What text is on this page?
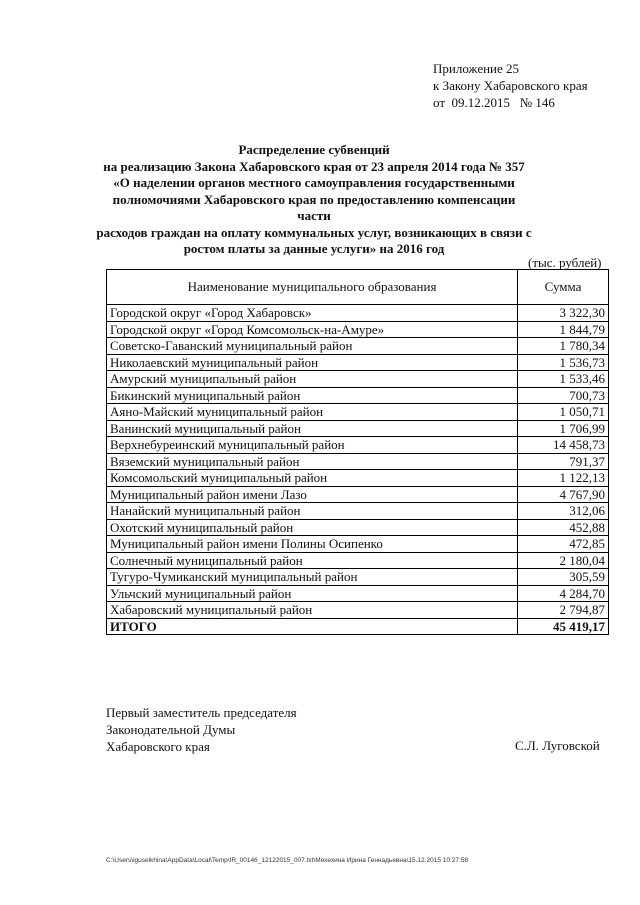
Приложение 25
к Закону Хабаровского края
от  09.12.2015   № 146
Распределение субвенций
на реализацию Закона Хабаровского края от 23 апреля 2014 года № 357
«О наделении органов местного самоуправления государственными
полномочиями Хабаровского края по предоставлению компенсации части
расходов граждан на оплату коммунальных услуг, возникающих в связи с
ростом платы за данные услуги» на 2016 год
(тыс. рублей)
Наименование муниципального образования	Сумма
Городской округ «Город Хабаровск»	3 322,30
Городской округ «Город Комсомольск-на-Амуре»	1 844,79
Советско-Гаванский муниципальный район	1 780,34
Николаевский муниципальный район	1 536,73
Амурский муниципальный район	1 533,46
Бикинский муниципальный район	700,73
Аяно-Майский муниципальный район	1 050,71
Ванинский муниципальный район	1 706,99
Верхнебуреинский муниципальный район	14 458,73
Вяземский муниципальный район	791,37
Комсомольский муниципальный район	1 122,13
Муниципальный район имени Лазо	4 767,90
Нанайский муниципальный район	312,06
Охотский муниципальный район	452,88
Муниципальный район имени Полины Осипенко	472,85
Солнечный муниципальный район	2 180,04
Тугуро-Чумиканский муниципальный район	305,59
Ульчский муниципальный район	4 284,70
Хабаровский муниципальный район	2 794,87
ИТОГО	45 419,17
Первый заместитель председателя
Законодательной Думы
Хабаровского края	С.Л. Луговской
C:\Users\iguselkhina\AppData\Local\Temp\IR_00146_12122015_007.txt\Мехехина Ирина Геннадьевна\15.12.2015 10:27:58
